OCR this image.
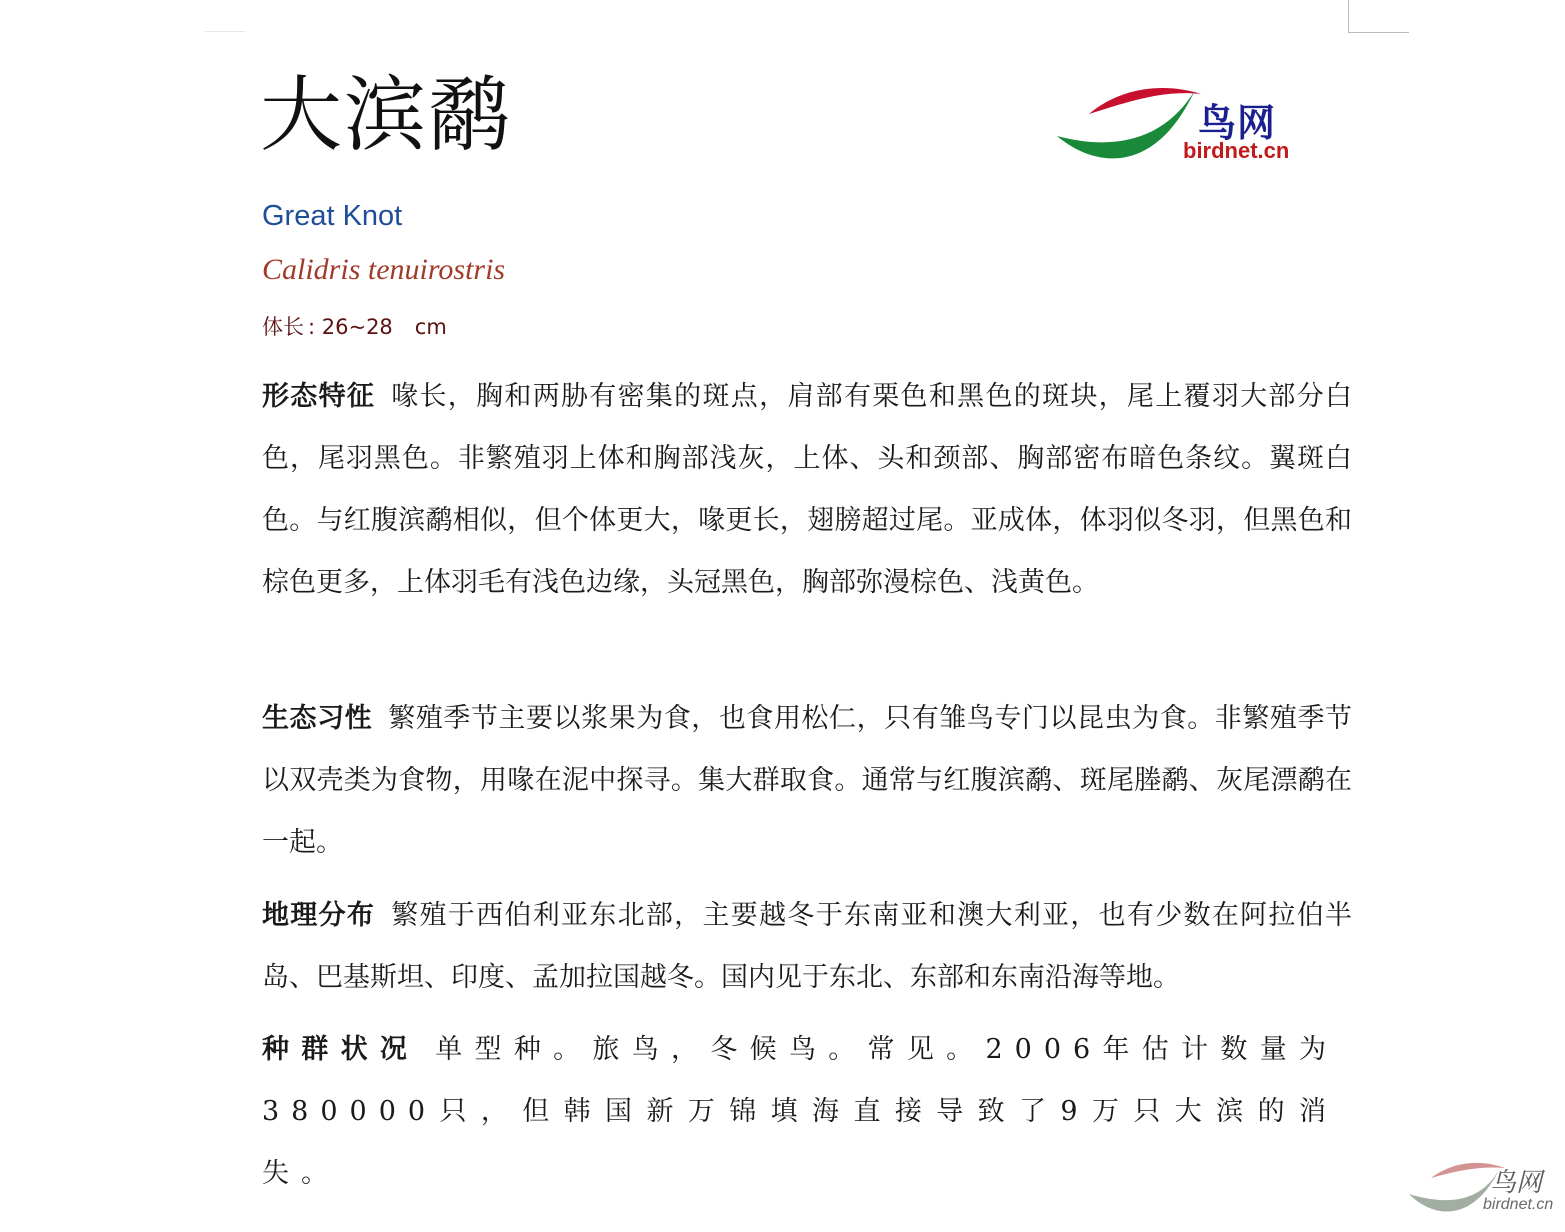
大滨鹬	鸟网
birdnet.cn
Great Knot
Calidris tenuirostris
体长 : 26~28 cm
形态特征 喙长，胸和两胁有密集的斑点，肩部有栗色和黑色的斑块，尾上覆羽大部分白色，尾羽黑色。非繁殖羽上体和胸部浅灰，上体、头和颈部、胸部密布暗色条纹。翼斑白色。与红腹滨鹬相似，但个体更大，喙更长，翅膀超过尾。亚成体，体羽似冬羽，但黑色和棕色更多，上体羽毛有浅色边缘，头冠黑色，胸部弥漫棕色、浅黄色。
生态习性 繁殖季节主要以浆果为食，也食用松仁，只有雏鸟专门以昆虫为食。非繁殖季节以双壳类为食物，用喙在泥中探寻。集大群取食。通常与红腹滨鹬、斑尾塍鹬、灰尾漂鹬在一起。
地理分布 繁殖于西伯利亚东北部，主要越冬于东南亚和澳大利亚，也有少数在阿拉伯半岛、巴基斯坦、印度、孟加拉国越冬。国内见于东北、东部和东南沿海等地。
种群状况 单型种。旅鸟，冬候鸟。常见。2006年估计数量为380000只，但韩国新万锦填海直接导致了9万只大滨的消失。	鸟网
birdnet.cn
